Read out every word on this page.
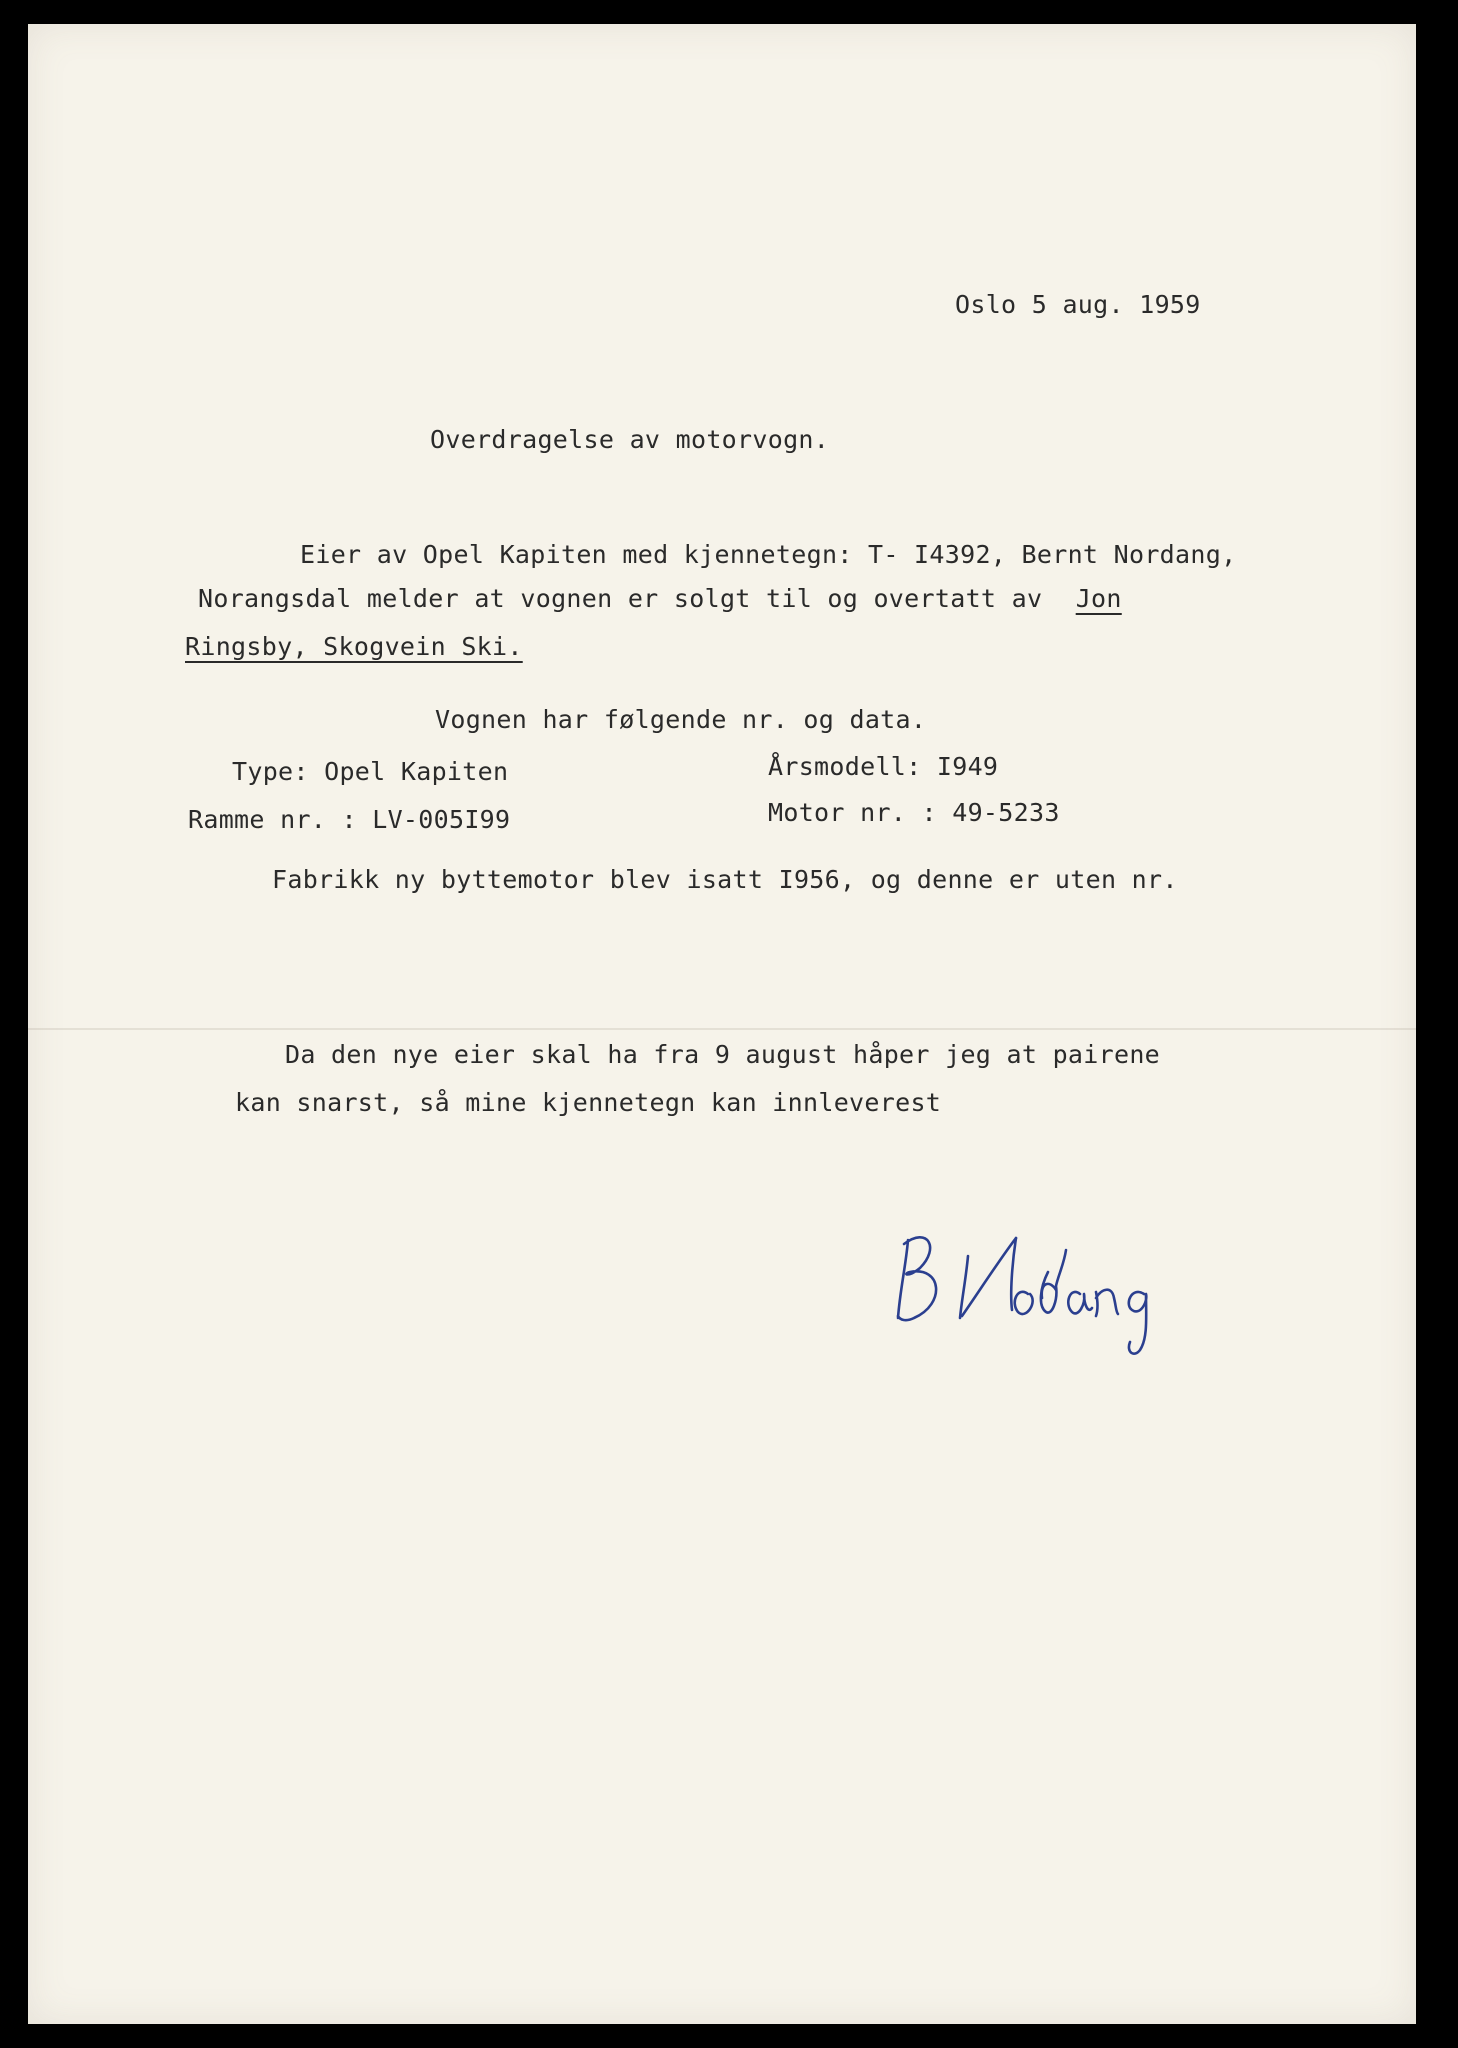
Oslo 5 aug. 1959
Overdragelse av motorvogn.
Eier av Opel Kapiten med kjennetegn: T- I4392, Bernt Nordang,
Norangsdal melder at vognen er solgt til og overtatt av Jon
Ringsby, Skogvein Ski.
Vognen har følgende nr. og data.
Type: Opel Kapiten	Årsmodell: I949
Ramme nr. : LV-005I99	Motor nr. : 49-5233
Fabrikk ny byttemotor blev isatt I956, og denne er uten nr.
Da den nye eier skal ha fra 9 august håper jeg at pairene
kan snarst, så mine kjennetegn kan innleverest
